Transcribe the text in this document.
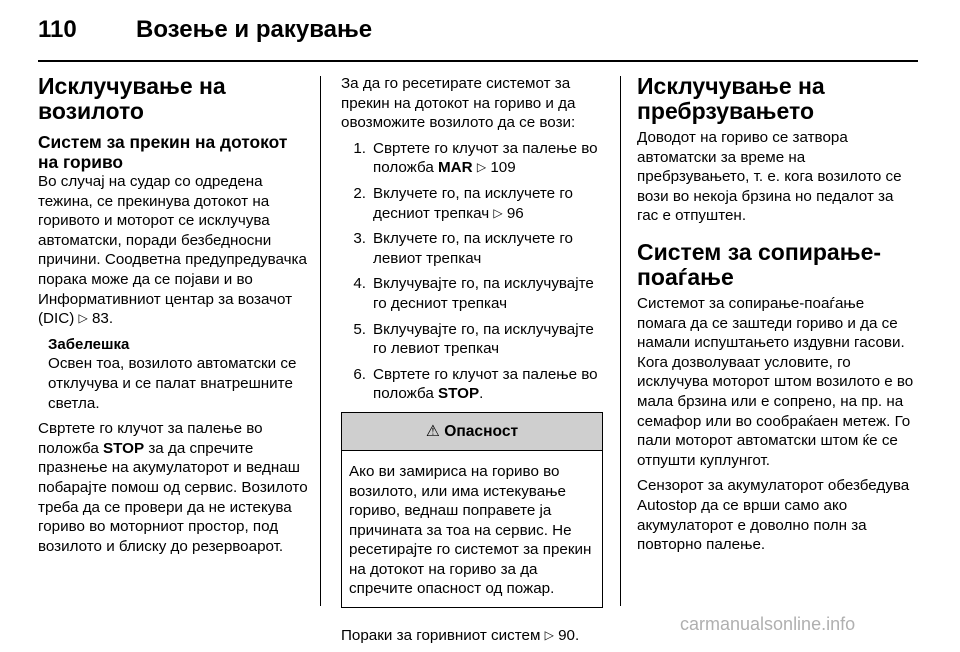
110 Возење и ракување
Исклучување на возилото
Систем за прекин на дотокот на гориво

Во случај на судар со одредена тежина, се прекинува дотокот на горивото и моторот се исклучува автоматски, поради безбедносни причини. Соодветна предупредувачка порака може да се појави и во Информативниот центар за возачот (DIC) ▷ 83.

Забелешка
Освен тоа, возилото автоматски се отклучува и се палат внатрешните светла.

Свртете го клучот за палење во положба STOP за да спречите празнење на акумулаторот и веднаш побарајте помош од сервис. Возилото треба да се провери да не истекува гориво во моторниот простор, под возилото и блиску до резервоарот.

За да го ресетирате системот за прекин на дотокот на гориво и да овозможите возилото да се вози:

1. Свртете го клучот за палење во положба MAR ▷ 109
2. Вклучете го, па исклучете го десниот трепкач ▷ 96
3. Вклучете го, па исклучете го левиот трепкач
4. Вклучувајте го, па исклучувајте го десниот трепкач
5. Вклучувајте го, па исклучувајте го левиот трепкач
6. Свртете го клучот за палење во положба STOP.
⚠ Опасност
Ако ви замириса на гориво во возилото, или има истекување гориво, веднаш поправете ја причината за тоа на сервис. Не ресетирајте го системот за прекин на дотокот на гориво за да спречите опасност од пожар.

Пораки за горивниот систем ▷ 90.

Исклучување на пребрзувањето

Доводот на гориво се затвора автоматски за време на пребрзувањето, т. е. кога возилото се вози во некоја брзина но педалот за гас е отпуштен.

Систем за сопирање-поаѓање

Системот за сопирање-поаѓање помага да се заштеди гориво и да се намали испуштањето издувни гасови. Кога дозволуваат условите, го исклучува моторот штом возилото е во мала брзина или е сопрено, на пр. на семафор или во сообраќаен метеж. Го пали моторот автоматски штом ќе се отпушти куплунгот.

Сензорот за акумулаторот обезбедува Autostop да се врши само ако акумулаторот е доволно полн за повторно палење.

carmanualsonline.info
